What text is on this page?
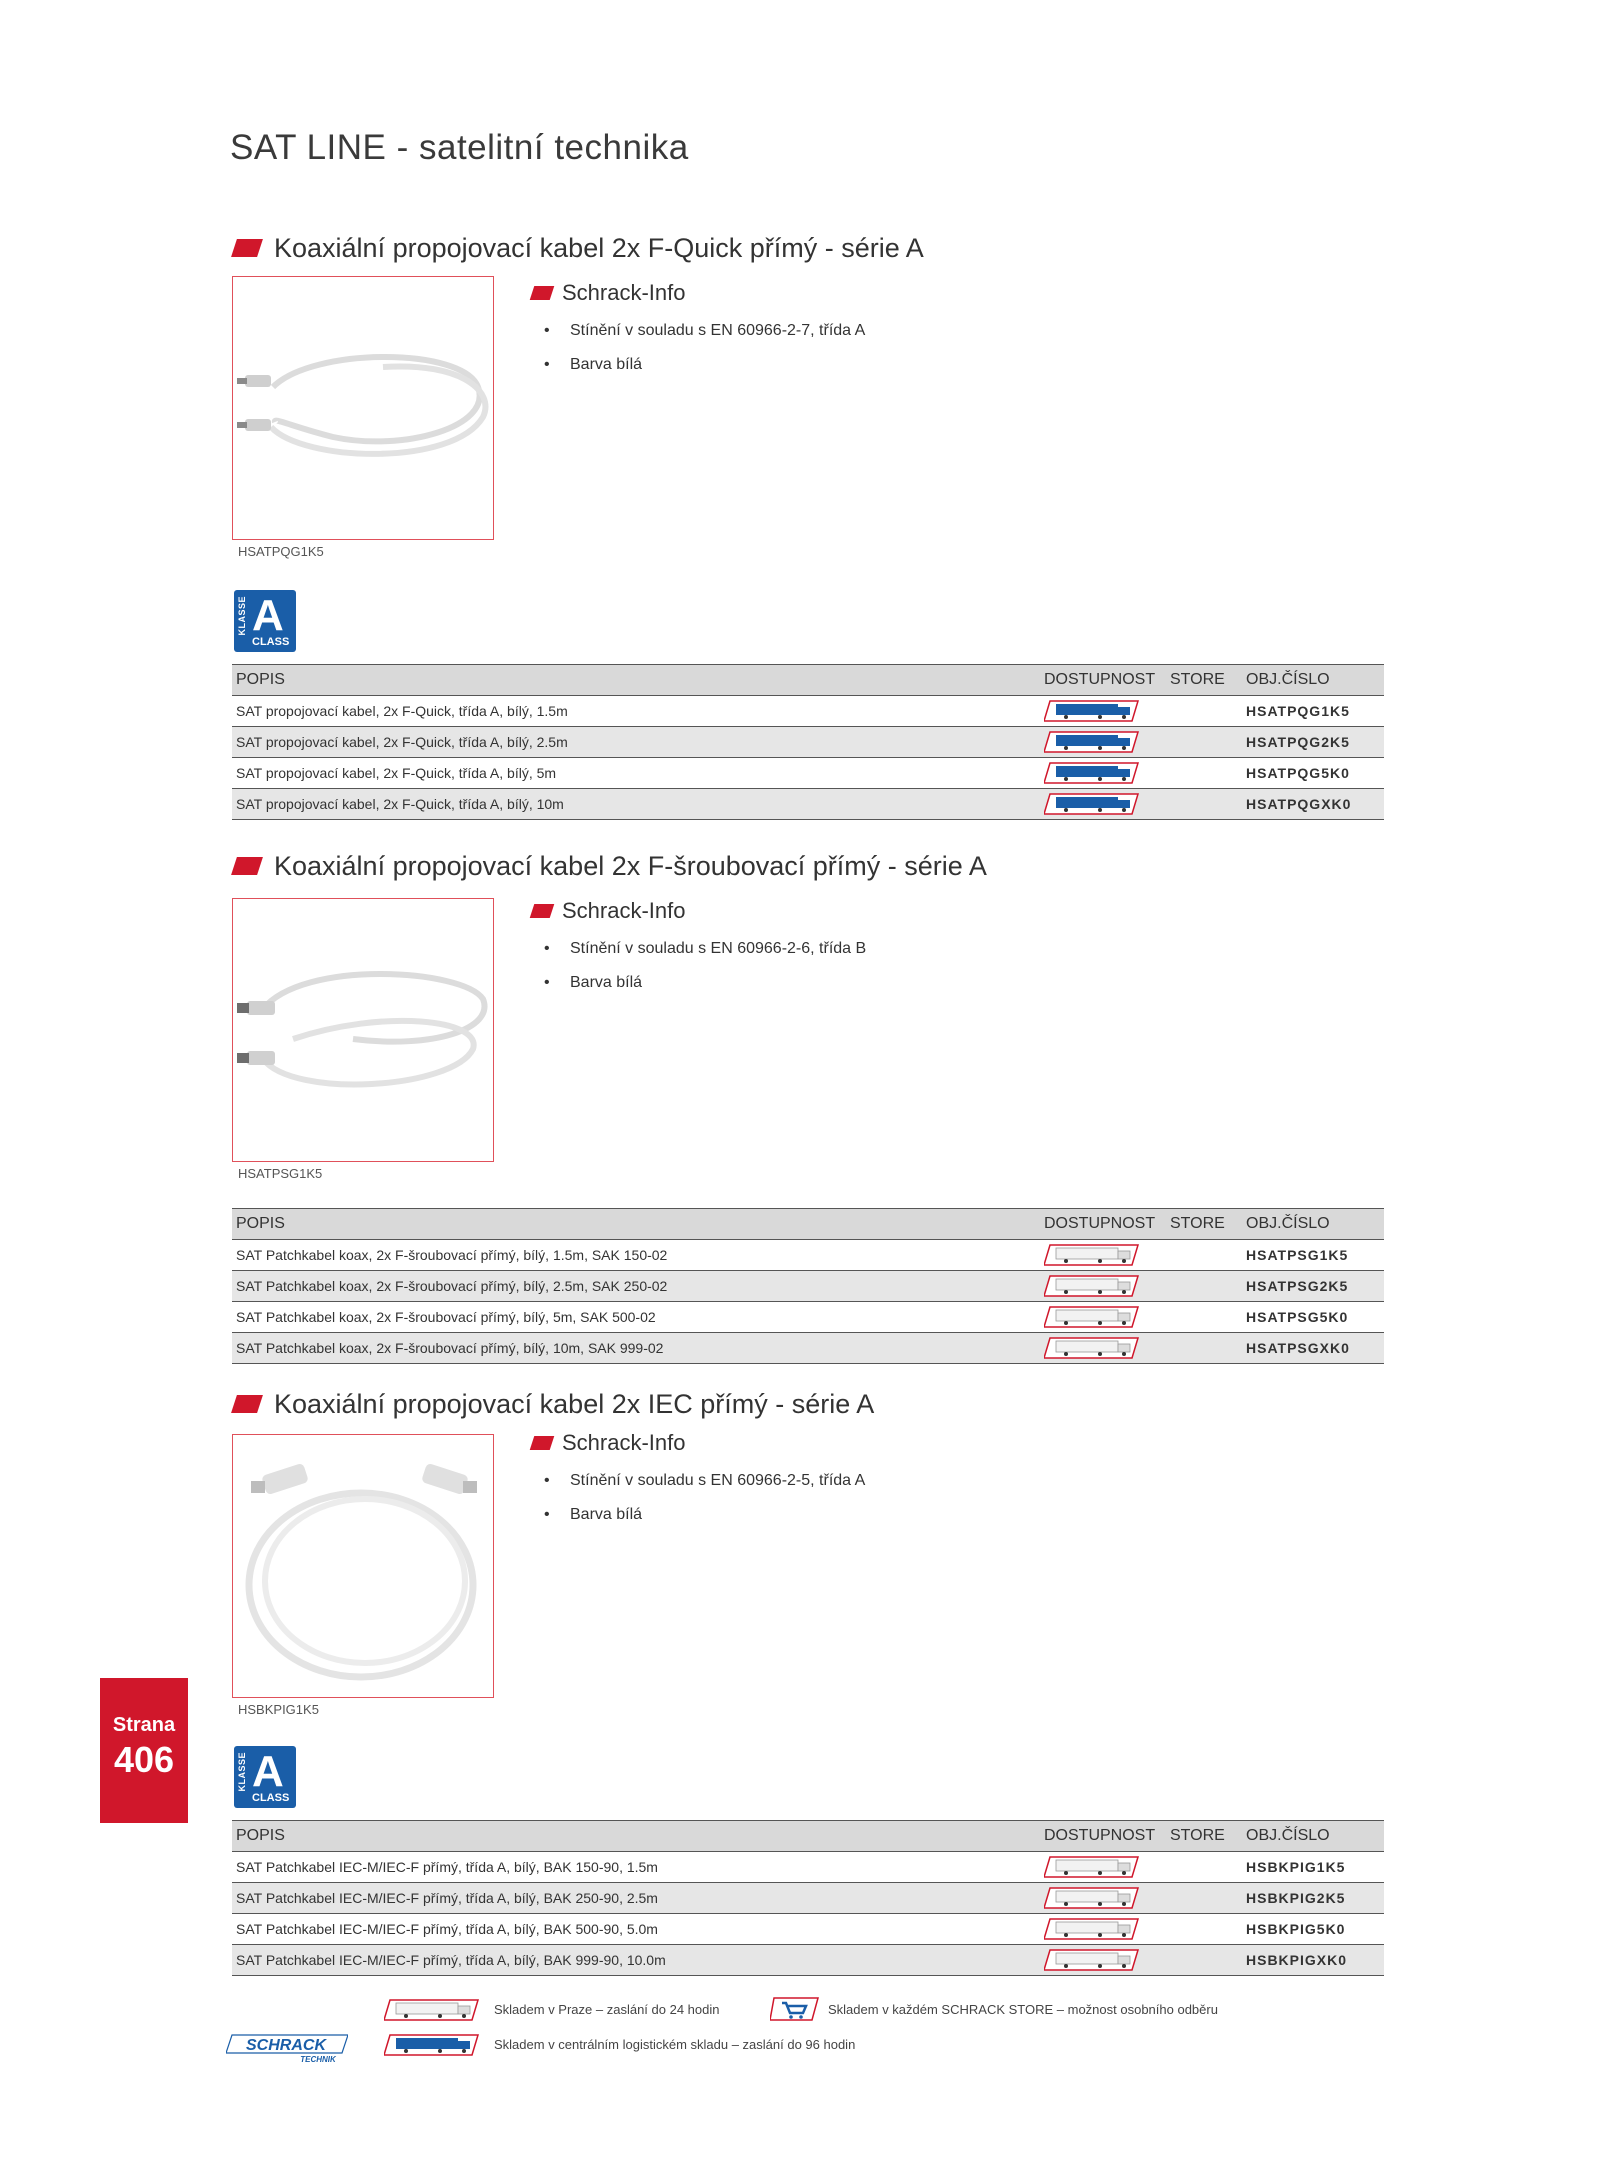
SAT LINE - satelitní technika
Koaxiální propojovací kabel 2x F-Quick přímý - série A
HSATPQG1K5
Schrack-Info
• Stínění v souladu s EN 60966-2-7, třída A
• Barva bílá
KLASSE A
CLASS
POPIS	DOSTUPNOST	STORE	OBJ.ČÍSLO
SAT propojovací kabel, 2x F-Quick, třída A, bílý, 1.5m			HSATPQG1K5
SAT propojovací kabel, 2x F-Quick, třída A, bílý, 2.5m			HSATPQG2K5
SAT propojovací kabel, 2x F-Quick, třída A, bílý, 5m			HSATPQG5K0
SAT propojovací kabel, 2x F-Quick, třída A, bílý, 10m			HSATPQGXK0
Koaxiální propojovací kabel 2x F-šroubovací přímý - série A
HSATPSG1K5
Schrack-Info
• Stínění v souladu s EN 60966-2-6, třída B
• Barva bílá
POPIS	DOSTUPNOST	STORE	OBJ.ČÍSLO
SAT Patchkabel koax, 2x F-šroubovací přímý, bílý, 1.5m, SAK 150-02			HSATPSG1K5
SAT Patchkabel koax, 2x F-šroubovací přímý, bílý, 2.5m, SAK 250-02			HSATPSG2K5
SAT Patchkabel koax, 2x F-šroubovací přímý, bílý, 5m, SAK 500-02			HSATPSG5K0
SAT Patchkabel koax, 2x F-šroubovací přímý, bílý, 10m, SAK 999-02			HSATPSGXK0
Koaxiální propojovací kabel 2x IEC přímý - série A
HSBKPIG1K5
Schrack-Info
• Stínění v souladu s EN 60966-2-5, třída A
• Barva bílá
KLASSE A
CLASS
POPIS	DOSTUPNOST	STORE	OBJ.ČÍSLO
SAT Patchkabel IEC-M/IEC-F přímý, třída A, bílý, BAK 150-90, 1.5m			HSBKPIG1K5
SAT Patchkabel IEC-M/IEC-F přímý, třída A, bílý, BAK 250-90, 2.5m			HSBKPIG2K5
SAT Patchkabel IEC-M/IEC-F přímý, třída A, bílý, BAK 500-90, 5.0m			HSBKPIG5K0
SAT Patchkabel IEC-M/IEC-F přímý, třída A, bílý, BAK 999-90, 10.0m			HSBKPIGXK0
Strana
406
Skladem v Praze – zaslání do 24 hodin	Skladem v každém SCHRACK STORE – možnost osobního odběru
Skladem v centrálním logistickém skladu – zaslání do 96 hodin
SCHRACK
TECHNIK
